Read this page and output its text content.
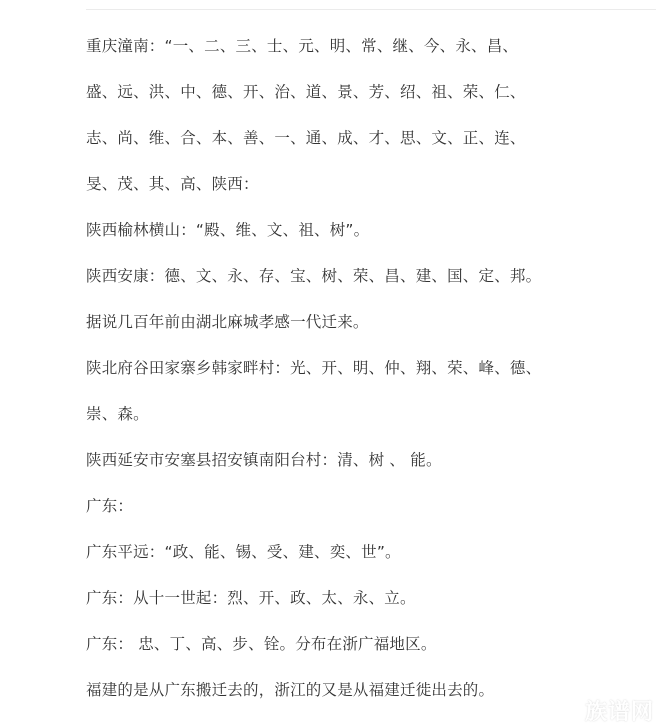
重庆潼南：“一、二、三、士、元、明、常、继、今、永、昌、

盛、远、洪、中、德、开、治、道、景、芳、绍、祖、荣、仁、

志、尚、维、合、本、善、一、通、成、才、思、文、正、连、

旻、茂、其、高、陕西：

陕西榆林横山：“殿、维、文、祖、树”。

陕西安康：德、文、永、存、宝、树、荣、昌、建、国、定、邦。

据说几百年前由湖北麻城孝感一代迁来。

陕北府谷田家寨乡韩家畔村：光、开、明、仲、翔、荣、峰、德、

崇、森。

陕西延安市安塞县招安镇南阳台村：清、树 、 能。

广东：

广东平远：“政、能、锡、受、建、奕、世”。

广东：从十一世起：烈、开、政、太、永、立。

广东： 忠、丁、高、步、铨。分布在浙广福地区。

福建的是从广东搬迁去的，浙江的又是从福建迁徙出去的。

族谱网
